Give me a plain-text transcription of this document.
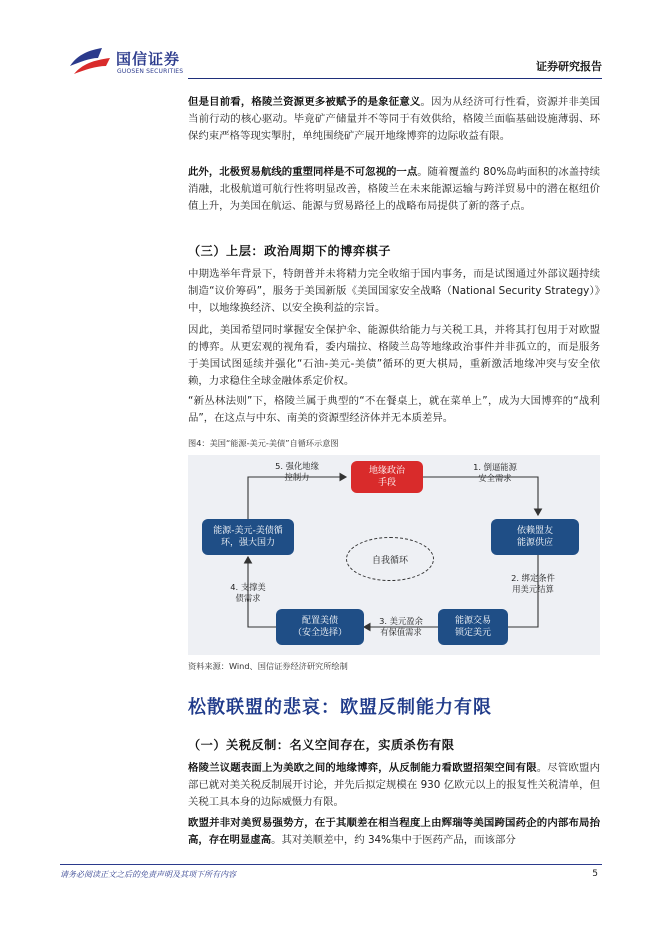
国信证券
GUOSEN SECURITIES	证券研究报告
但是目前看，格陵兰资源更多被赋予的是象征意义。因为从经济可行性看，资源并非美国当前行动的核心驱动。毕竟矿产储量并不等同于有效供给，格陵兰面临基础设施薄弱、环保约束严格等现实掣肘，单纯围绕矿产展开地缘博弈的边际收益有限。
此外，北极贸易航线的重塑同样是不可忽视的一点。随着覆盖约 80%岛屿面积的冰盖持续消融，北极航道可航行性将明显改善，格陵兰在未来能源运输与跨洋贸易中的潜在枢纽价值上升，为美国在航运、能源与贸易路径上的战略布局提供了新的落子点。
（三）上层：政治周期下的博弈棋子
中期选举年背景下，特朗普并未将精力完全收缩于国内事务，而是试图通过外部议题持续制造“议价筹码”，服务于美国新版《美国国家安全战略（National Security Strategy）》中，以地缘换经济、以安全换利益的宗旨。
因此，美国希望同时掌握安全保护伞、能源供给能力与关税工具，并将其打包用于对欧盟的博弈。从更宏观的视角看，委内瑞拉、格陵兰岛等地缘政治事件并非孤立的，而是服务于美国试图延续并强化“石油-美元-美债”循环的更大棋局，重新激活地缘冲突与安全依赖，力求稳住全球金融体系定价权。
“新丛林法则”下，格陵兰属于典型的“不在餐桌上，就在菜单上”，成为大国博弈的“战利品”，在这点与中东、南美的资源型经济体并无本质差异。
图4：美国“能源-美元-美债”自循环示意图
地缘政治
手段
依赖盟友
能源供应
能源交易
锁定美元
配置美债
（安全选择）
能源-美元-美债循
环，强大国力
自我循环
1. 倒逼能源
安全需求
2. 绑定条件
用美元结算
3. 美元盈余
有保值需求
4. 支撑美
债需求
5. 强化地缘
控制力
资料来源：Wind、国信证券经济研究所绘制
松散联盟的悲哀：欧盟反制能力有限
（一）关税反制：名义空间存在，实质杀伤有限
格陵兰议题表面上为美欧之间的地缘博弈，从反制能力看欧盟招架空间有限。尽管欧盟内部已就对美关税反制展开讨论，并先后拟定规模在 930 亿欧元以上的报复性关税清单，但关税工具本身的边际威慑力有限。
欧盟并非对美贸易强势方，在于其顺差在相当程度上由辉瑞等美国跨国药企的内部布局抬高，存在明显虚高。其对美顺差中，约 34%集中于医药产品，而该部分
请务必阅读正文之后的免责声明及其项下所有内容	5
